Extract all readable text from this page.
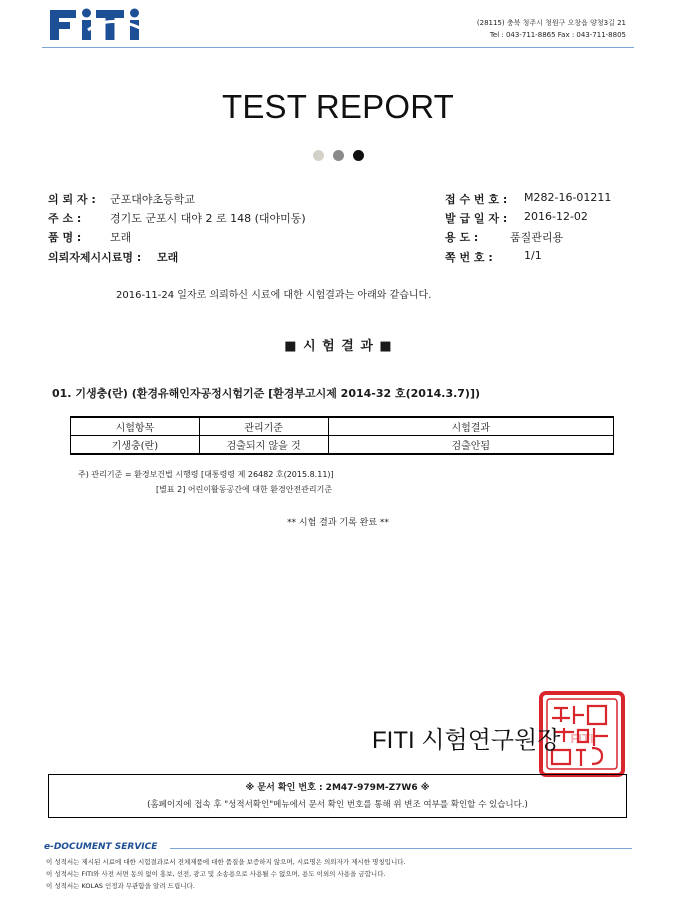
(28115) 충북 청주시 청원구 오창읍 양청3길 21
Tel : 043-711-8865 Fax : 043-711-8805
TEST REPORT
의 뢰 자 : 군포대야초등학교
주 소 :	경기도 군포시 대야 2 로 148 (대야미동)
품 명 :	모래
의뢰자제시시료명 : 모래
접 수 번 호 : M282-16-01211
발 급 일 자 : 2016-12-02
용 도 :	품질관리용
쪽 번 호 :	1/1
2016-11-24 일자로 의뢰하신 시료에 대한 시험결과는 아래와 같습니다.
■ 시 험 결 과 ■
01. 기생충(란) (환경유해인자공정시험기준 [환경부고시제 2014-32 호(2014.3.7)])
시험항목	관리기준	시험결과
기생충(란)	검출되지 않을 것	검출안됨
주) 관리기준 = 환경보건법 시행령 [대통령령 제 26482 호(2015.8.11)]
[별표 2] 어린이활동공간에 대한 환경안전관리기준
** 시험 결과 기록 완료 **
FITI
FITI 시험연구원장
※ 문서 확인 번호 : 2M47-979M-Z7W6 ※
(홈페이지에 접속 후 "성적서확인"메뉴에서 문서 확인 번호를 통해 위 변조 여부를 확인할 수 있습니다.)
e-DOCUMENT SERVICE
이 성적서는 제시된 시료에 대한 시험결과로서 전체제품에 대한 품질을 보증하지 않으며, 시료명은 의뢰자가 제시한 명칭입니다.
이 성적서는 FITI와 사전 서면 동의 없이 홍보, 선전, 광고 및 소송용으로 사용될 수 없으며, 용도 이외의 사용을 금합니다.
이 성적서는 KOLAS 인정과 무관함을 알려 드립니다.
